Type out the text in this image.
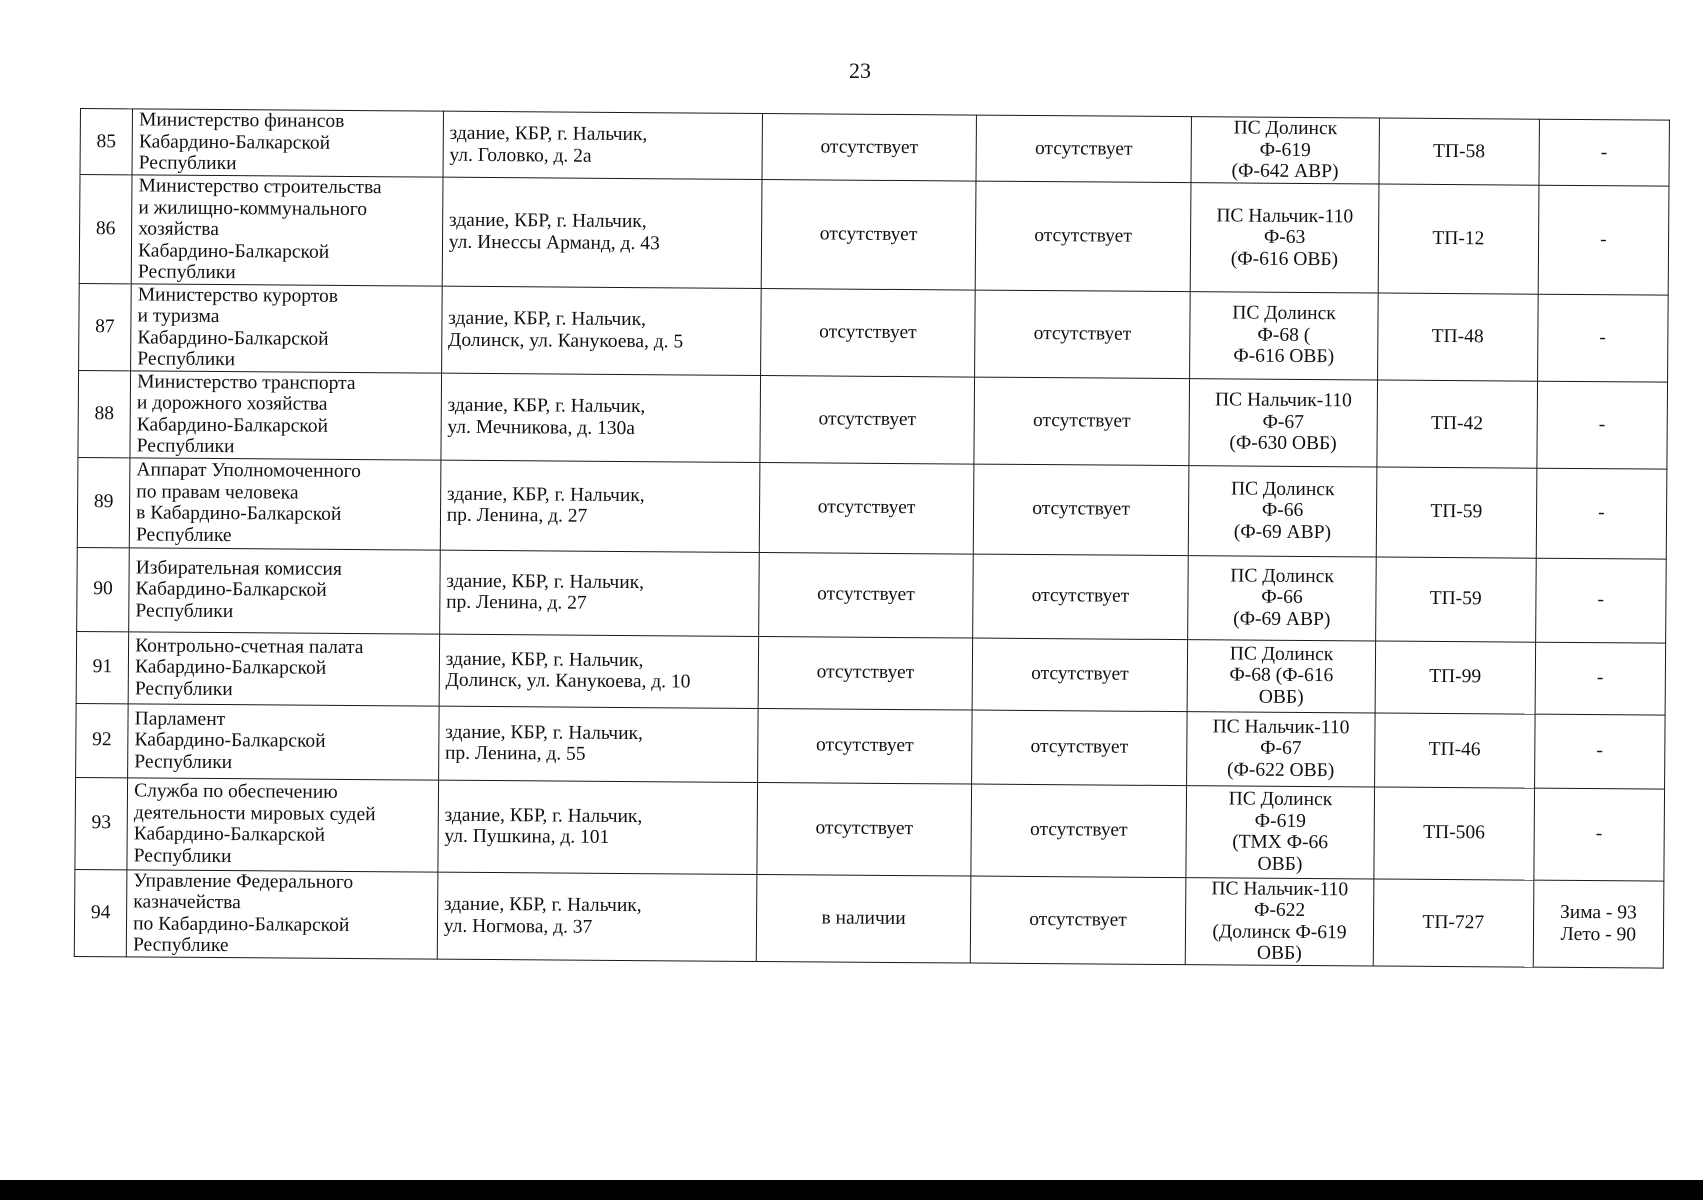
23
85	Министерство финансов
Кабардино-Балкарской
Республики	здание, КБР, г. Нальчик,
ул. Головко, д. 2а	отсутствует	отсутствует	ПС Долинск
Ф-619
(Ф-642 АВР)	ТП-58	-
86	Министерство строительства
и жилищно-коммунального
хозяйства
Кабардино-Балкарской
Республики	здание, КБР, г. Нальчик,
ул. Инессы Арманд, д. 43	отсутствует	отсутствует	ПС Нальчик-110
Ф-63
(Ф-616 ОВБ)	ТП-12	-
87	Министерство курортов
и туризма
Кабардино-Балкарской
Республики	здание, КБР, г. Нальчик,
Долинск, ул. Канукоева, д. 5	отсутствует	отсутствует	ПС Долинск
Ф-68 (
Ф-616 ОВБ)	ТП-48	-
88	Министерство транспорта
и дорожного хозяйства
Кабардино-Балкарской
Республики	здание, КБР, г. Нальчик,
ул. Мечникова, д. 130а	отсутствует	отсутствует	ПС Нальчик-110
Ф-67
(Ф-630 ОВБ)	ТП-42	-
89	Аппарат Уполномоченного
по правам человека
в Кабардино-Балкарской
Республике	здание, КБР, г. Нальчик,
пр. Ленина, д. 27	отсутствует	отсутствует	ПС Долинск
Ф-66
(Ф-69 АВР)	ТП-59	-
90	Избирательная комиссия
Кабардино-Балкарской
Республики	здание, КБР, г. Нальчик,
пр. Ленина, д. 27	отсутствует	отсутствует	ПС Долинск
Ф-66
(Ф-69 АВР)	ТП-59	-
91	Контрольно-счетная палата
Кабардино-Балкарской
Республики	здание, КБР, г. Нальчик,
Долинск, ул. Канукоева, д. 10	отсутствует	отсутствует	ПС Долинск
Ф-68 (Ф-616
ОВБ)	ТП-99	-
92	Парламент
Кабардино-Балкарской
Республики	здание, КБР, г. Нальчик,
пр. Ленина, д. 55	отсутствует	отсутствует	ПС Нальчик-110
Ф-67
(Ф-622 ОВБ)	ТП-46	-
93	Служба по обеспечению
деятельности мировых судей
Кабардино-Балкарской
Республики	здание, КБР, г. Нальчик,
ул. Пушкина, д. 101	отсутствует	отсутствует	ПС Долинск
Ф-619
(ТМХ Ф-66
ОВБ)	ТП-506	-
94	Управление Федерального
казначейства
по Кабардино-Балкарской
Республике	здание, КБР, г. Нальчик,
ул. Ногмова, д. 37	в наличии	отсутствует	ПС Нальчик-110
Ф-622
(Долинск Ф-619
ОВБ)	ТП-727	Зима - 93
Лето - 90
